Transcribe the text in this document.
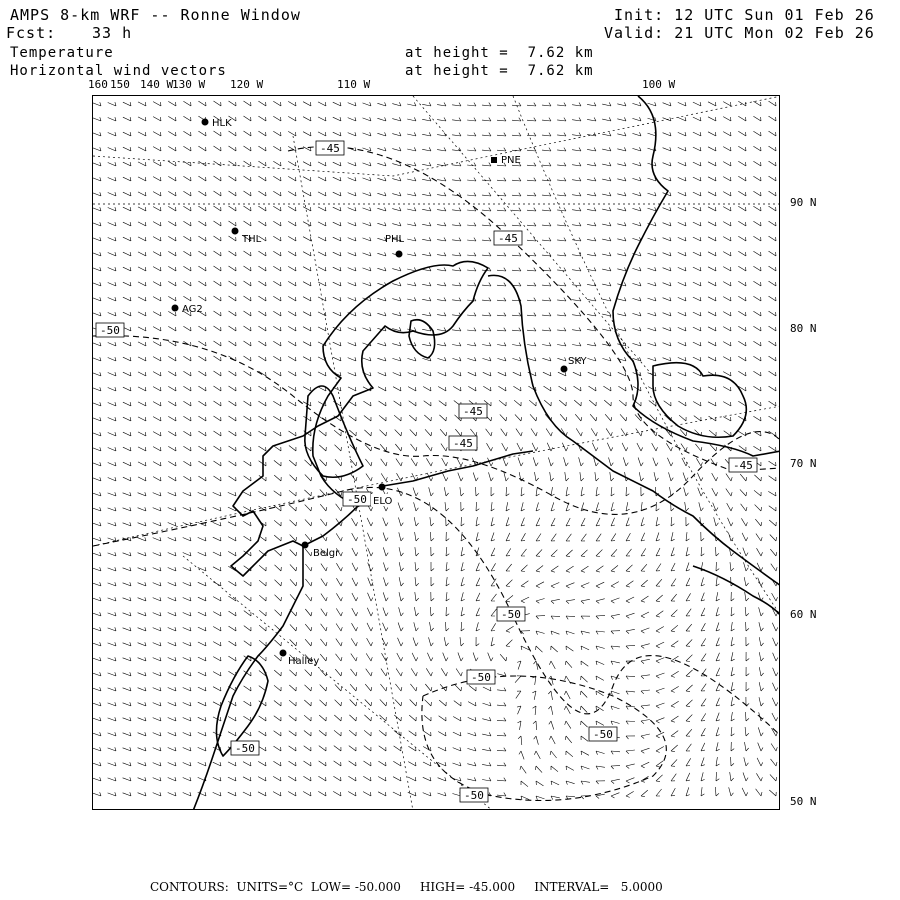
AMPS 8-km WRF -- Ronne Window
Fcst: 33 h
Init: 12 UTC Sun 01 Feb 26
Valid: 21 UTC Mon 02 Feb 26
Temperature
Horizontal wind vectors
at height =  7.62 km
at height =  7.62 km
160 150 140 W
130 W 120 W	110 W	100 W
90 N
80 N
70 N
60 N
50 N
-45
-45
-50
-45
-45
-50
-45
-50
-50
-50
-50
-50
HLK
PNE
THL	PHL
AG2
SKY
ELO
Belgr
Halley
CONTOURS:  UNITS=°C  LOW= -50.000     HIGH= -45.000     INTERVAL=   5.0000
